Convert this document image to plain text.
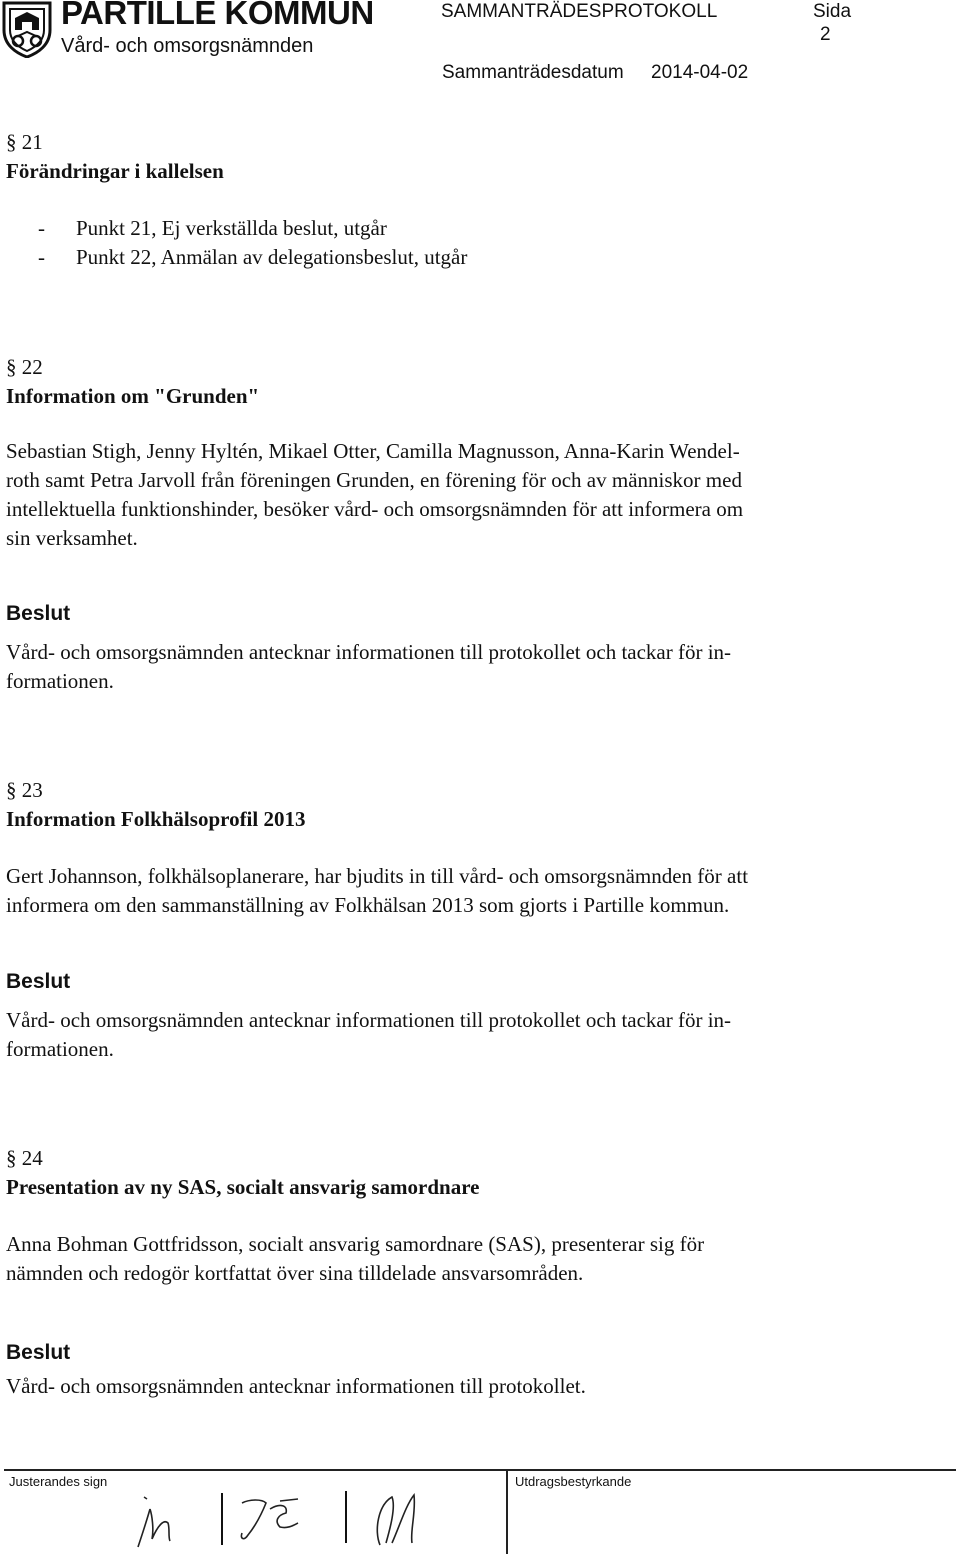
PARTILLE KOMMUN
Vård- och omsorgsnämnden
SAMMANTRÄDESPROTOKOLL	Sida
2
Sammanträdesdatum 2014-04-02
§ 21
Förändringar i kallelsen
- Punkt 21, Ej verkställda beslut, utgår
- Punkt 22, Anmälan av delegationsbeslut, utgår
§ 22
Information om "Grunden"
Sebastian Stigh, Jenny Hyltén, Mikael Otter, Camilla Magnusson, Anna-Karin Wendel-
roth samt Petra Jarvoll från föreningen Grunden, en förening för och av människor med
intellektuella funktionshinder, besöker vård- och omsorgsnämnden för att informera om
sin verksamhet.
Beslut
Vård- och omsorgsnämnden antecknar informationen till protokollet och tackar för in-
formationen.
§ 23
Information Folkhälsoprofil 2013
Gert Johannson, folkhälsoplanerare, har bjudits in till vård- och omsorgsnämnden för att
informera om den sammanställning av Folkhälsan 2013 som gjorts i Partille kommun.
Beslut
Vård- och omsorgsnämnden antecknar informationen till protokollet och tackar för in-
formationen.
§ 24
Presentation av ny SAS, socialt ansvarig samordnare
Anna Bohman Gottfridsson, socialt ansvarig samordnare (SAS), presenterar sig för
nämnden och redogör kortfattat över sina tilldelade ansvarsområden.
Beslut
Vård- och omsorgsnämnden antecknar informationen till protokollet.
Justerandes sign	Utdragsbestyrkande
